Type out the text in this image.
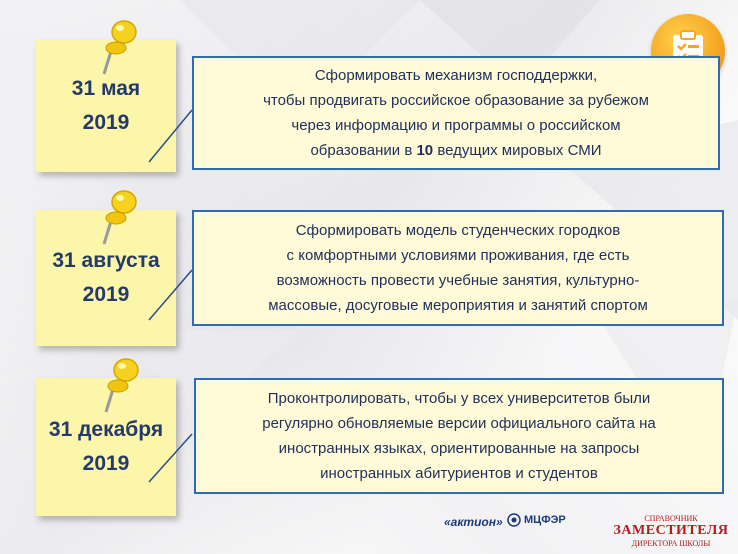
31 мая
2019
Сформировать механизм господдержки,
чтобы продвигать российское образование за рубежом
через информацию и программы о российском
образовании в 10 ведущих мировых СМИ
31 августа
2019
Сформировать модель студенческих городков
с комфортными условиями проживания, где есть
возможность провести учебные занятия, культурно-
массовые, досуговые мероприятия и занятий спортом
31 декабря
2019
Проконтролировать, чтобы у всех университетов были
регулярно обновляемые версии официального сайта на
иностранных языках, ориентированные на запросы
иностранных абитуриентов и студентов
«актион» МЦФЭР	СПРАВОЧНИК
ЗАМЕСТИТЕЛЯ
ДИРЕКТОРА ШКОЛЫ
